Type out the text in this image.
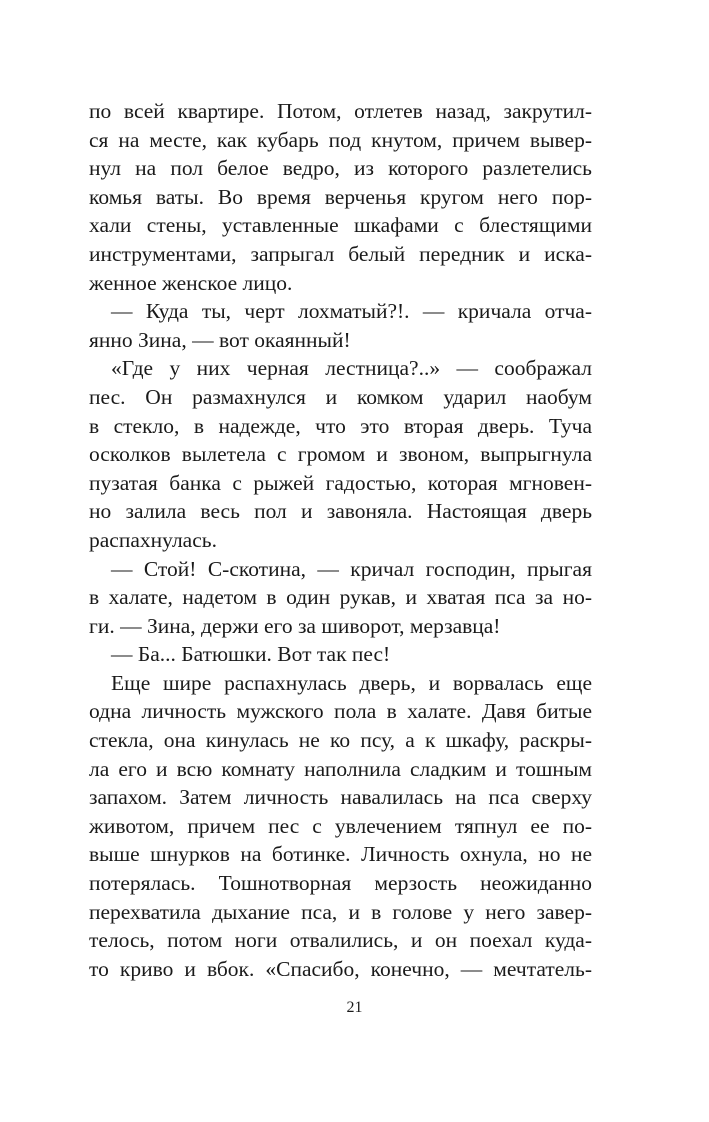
по всей квартире. Потом, отлетев назад, закрутил-
ся на месте, как кубарь под кнутом, причем вывер-
нул на пол белое ведро, из которого разлетелись
комья ваты. Во время верченья кругом него пор-
хали стены, уставленные шкафами с блестящими
инструментами, запрыгал белый передник и иска-
женное женское лицо.
— Куда ты, черт лохматый?!. — кричала отча-
янно Зина, — вот окаянный!
«Где у них черная лестница?..» — соображал
пес. Он размахнулся и комком ударил наобум
в стекло, в надежде, что это вторая дверь. Туча
осколков вылетела с громом и звоном, выпрыгнула
пузатая банка с рыжей гадостью, которая мгновен-
но залила весь пол и завоняла. Настоящая дверь
распахнулась.
— Стой! С-скотина, — кричал господин, прыгая
в халате, надетом в один рукав, и хватая пса за но-
ги. — Зина, держи его за шиворот, мерзавца!
— Ба... Батюшки. Вот так пес!
Еще шире распахнулась дверь, и ворвалась еще
одна личность мужского пола в халате. Давя битые
стекла, она кинулась не ко псу, а к шкафу, раскры-
ла его и всю комнату наполнила сладким и тошным
запахом. Затем личность навалилась на пса сверху
животом, причем пес с увлечением тяпнул ее по-
выше шнурков на ботинке. Личность охнула, но не
потерялась. Тошнотворная мерзость неожиданно
перехватила дыхание пса, и в голове у него завер-
телось, потом ноги отвалились, и он поехал куда-
то криво и вбок. «Спасибо, конечно, — мечтатель-
21
